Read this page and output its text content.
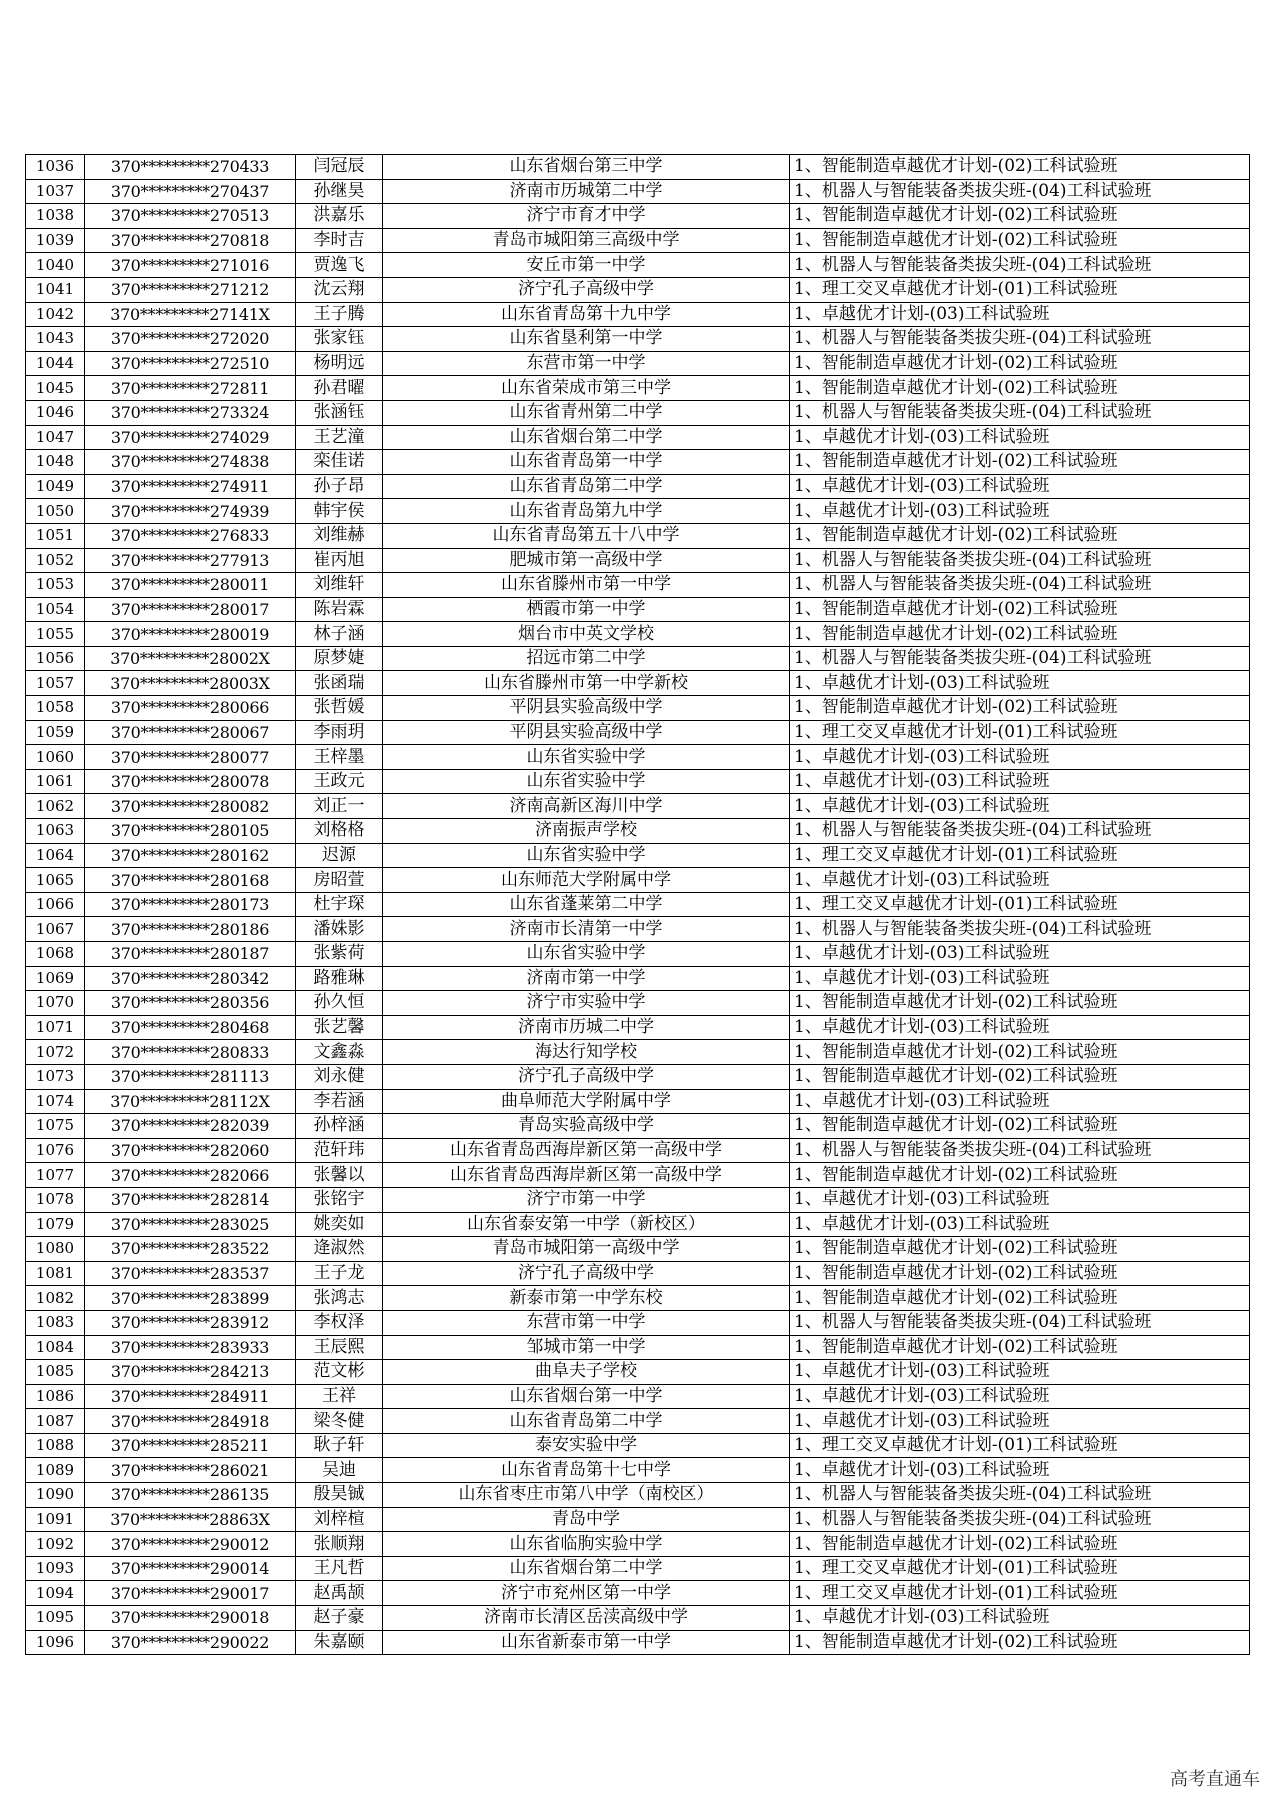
1036	370*********270433	闫冠辰	山东省烟台第三中学	1、智能制造卓越优才计划-(02)工科试验班
1037	370*********270437	孙继昊	济南市历城第二中学	1、机器人与智能装备类拔尖班-(04)工科试验班
1038	370*********270513	洪嘉乐	济宁市育才中学	1、智能制造卓越优才计划-(02)工科试验班
1039	370*********270818	李时吉	青岛市城阳第三高级中学	1、智能制造卓越优才计划-(02)工科试验班
1040	370*********271016	贾逸飞	安丘市第一中学	1、机器人与智能装备类拔尖班-(04)工科试验班
1041	370*********271212	沈云翔	济宁孔子高级中学	1、理工交叉卓越优才计划-(01)工科试验班
1042	370*********27141X	王子腾	山东省青岛第十九中学	1、卓越优才计划-(03)工科试验班
1043	370*********272020	张家钰	山东省垦利第一中学	1、机器人与智能装备类拔尖班-(04)工科试验班
1044	370*********272510	杨明远	东营市第一中学	1、智能制造卓越优才计划-(02)工科试验班
1045	370*********272811	孙君曜	山东省荣成市第三中学	1、智能制造卓越优才计划-(02)工科试验班
1046	370*********273324	张涵钰	山东省青州第二中学	1、机器人与智能装备类拔尖班-(04)工科试验班
1047	370*********274029	王艺潼	山东省烟台第二中学	1、卓越优才计划-(03)工科试验班
1048	370*********274838	栾佳诺	山东省青岛第一中学	1、智能制造卓越优才计划-(02)工科试验班
1049	370*********274911	孙子昂	山东省青岛第二中学	1、卓越优才计划-(03)工科试验班
1050	370*********274939	韩宇侯	山东省青岛第九中学	1、卓越优才计划-(03)工科试验班
1051	370*********276833	刘维赫	山东省青岛第五十八中学	1、智能制造卓越优才计划-(02)工科试验班
1052	370*********277913	崔丙旭	肥城市第一高级中学	1、机器人与智能装备类拔尖班-(04)工科试验班
1053	370*********280011	刘维轩	山东省滕州市第一中学	1、机器人与智能装备类拔尖班-(04)工科试验班
1054	370*********280017	陈岩霖	栖霞市第一中学	1、智能制造卓越优才计划-(02)工科试验班
1055	370*********280019	林子涵	烟台市中英文学校	1、智能制造卓越优才计划-(02)工科试验班
1056	370*********28002X	原梦婕	招远市第二中学	1、机器人与智能装备类拔尖班-(04)工科试验班
1057	370*********28003X	张函瑞	山东省滕州市第一中学新校	1、卓越优才计划-(03)工科试验班
1058	370*********280066	张哲媛	平阴县实验高级中学	1、智能制造卓越优才计划-(02)工科试验班
1059	370*********280067	李雨玥	平阴县实验高级中学	1、理工交叉卓越优才计划-(01)工科试验班
1060	370*********280077	王梓墨	山东省实验中学	1、卓越优才计划-(03)工科试验班
1061	370*********280078	王政元	山东省实验中学	1、卓越优才计划-(03)工科试验班
1062	370*********280082	刘正一	济南高新区海川中学	1、卓越优才计划-(03)工科试验班
1063	370*********280105	刘格格	济南振声学校	1、机器人与智能装备类拔尖班-(04)工科试验班
1064	370*********280162	迟源	山东省实验中学	1、理工交叉卓越优才计划-(01)工科试验班
1065	370*********280168	房昭萱	山东师范大学附属中学	1、卓越优才计划-(03)工科试验班
1066	370*********280173	杜宇琛	山东省蓬莱第二中学	1、理工交叉卓越优才计划-(01)工科试验班
1067	370*********280186	潘姝影	济南市长清第一中学	1、机器人与智能装备类拔尖班-(04)工科试验班
1068	370*********280187	张紫荷	山东省实验中学	1、卓越优才计划-(03)工科试验班
1069	370*********280342	路雅琳	济南市第一中学	1、卓越优才计划-(03)工科试验班
1070	370*********280356	孙久恒	济宁市实验中学	1、智能制造卓越优才计划-(02)工科试验班
1071	370*********280468	张艺馨	济南市历城二中学	1、卓越优才计划-(03)工科试验班
1072	370*********280833	文鑫淼	海达行知学校	1、智能制造卓越优才计划-(02)工科试验班
1073	370*********281113	刘永健	济宁孔子高级中学	1、智能制造卓越优才计划-(02)工科试验班
1074	370*********28112X	李若涵	曲阜师范大学附属中学	1、卓越优才计划-(03)工科试验班
1075	370*********282039	孙梓涵	青岛实验高级中学	1、智能制造卓越优才计划-(02)工科试验班
1076	370*********282060	范轩玮	山东省青岛西海岸新区第一高级中学	1、机器人与智能装备类拔尖班-(04)工科试验班
1077	370*********282066	张馨以	山东省青岛西海岸新区第一高级中学	1、智能制造卓越优才计划-(02)工科试验班
1078	370*********282814	张铭宇	济宁市第一中学	1、卓越优才计划-(03)工科试验班
1079	370*********283025	姚奕如	山东省泰安第一中学（新校区）	1、卓越优才计划-(03)工科试验班
1080	370*********283522	逄淑然	青岛市城阳第一高级中学	1、智能制造卓越优才计划-(02)工科试验班
1081	370*********283537	王子龙	济宁孔子高级中学	1、智能制造卓越优才计划-(02)工科试验班
1082	370*********283899	张鸿志	新泰市第一中学东校	1、智能制造卓越优才计划-(02)工科试验班
1083	370*********283912	李权泽	东营市第一中学	1、机器人与智能装备类拔尖班-(04)工科试验班
1084	370*********283933	王辰熙	邹城市第一中学	1、智能制造卓越优才计划-(02)工科试验班
1085	370*********284213	范文彬	曲阜夫子学校	1、卓越优才计划-(03)工科试验班
1086	370*********284911	王祥	山东省烟台第一中学	1、卓越优才计划-(03)工科试验班
1087	370*********284918	梁冬健	山东省青岛第二中学	1、卓越优才计划-(03)工科试验班
1088	370*********285211	耿子轩	泰安实验中学	1、理工交叉卓越优才计划-(01)工科试验班
1089	370*********286021	吴迪	山东省青岛第十七中学	1、卓越优才计划-(03)工科试验班
1090	370*********286135	殷昊铖	山东省枣庄市第八中学（南校区）	1、机器人与智能装备类拔尖班-(04)工科试验班
1091	370*********28863X	刘梓楦	青岛中学	1、机器人与智能装备类拔尖班-(04)工科试验班
1092	370*********290012	张顺翔	山东省临朐实验中学	1、智能制造卓越优才计划-(02)工科试验班
1093	370*********290014	王凡哲	山东省烟台第二中学	1、理工交叉卓越优才计划-(01)工科试验班
1094	370*********290017	赵禹颉	济宁市兖州区第一中学	1、理工交叉卓越优才计划-(01)工科试验班
1095	370*********290018	赵子豪	济南市长清区岳渎高级中学	1、卓越优才计划-(03)工科试验班
1096	370*********290022	朱嘉颐	山东省新泰市第一中学	1、智能制造卓越优才计划-(02)工科试验班
高考直通车
